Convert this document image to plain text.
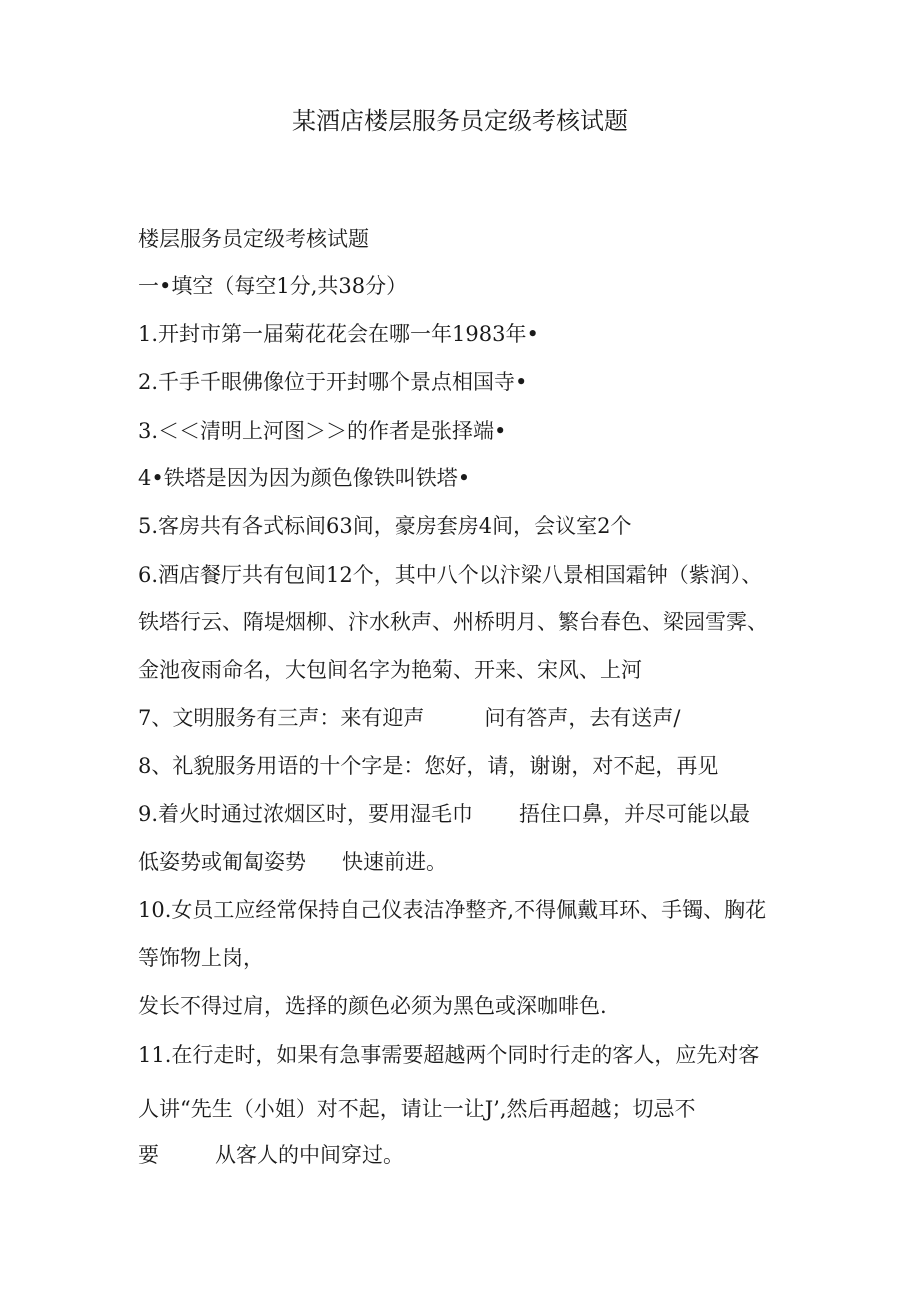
某酒店楼层服务员定级考核试题
楼层服务员定级考核试题
一•填空（每空1分,共38分）
1.开封市第一届菊花花会在哪一年1983年•
2.千手千眼佛像位于开封哪个景点相国寺•
3.＜＜清明上河图＞＞的作者是张择端•
4•铁塔是因为因为颜色像铁叫铁塔•
5.客房共有各式标间63间，豪房套房4间，会议室2个
6.酒店餐厅共有包间12个，其中八个以汴梁八景相国霜钟（紫润）、
铁塔行云、隋堤烟柳、汴水秋声、州桥明月、繁台春色、梁园雪霁、
金池夜雨命名，大包间名字为艳菊、开来、宋风、上河
7、文明服务有三声：来有迎声	问有答声，去有送声/
8、礼貌服务用语的十个字是：您好，请，谢谢，对不起，再见
9.着火时通过浓烟区时，要用湿毛巾 捂住口鼻，并尽可能以最
低姿势或匍匐姿势 快速前进。
10.女员工应经常保持自己仪表洁净整齐,不得佩戴耳环、手镯、胸花
等饰物上岗，
发长不得过肩，选择的颜色必须为黑色或深咖啡色.
11.在行走时，如果有急事需要超越两个同时行走的客人，应先对客
人讲“先生（小姐）对不起，请让一让J’,然后再超越；切忌不
要	从客人的中间穿过。
